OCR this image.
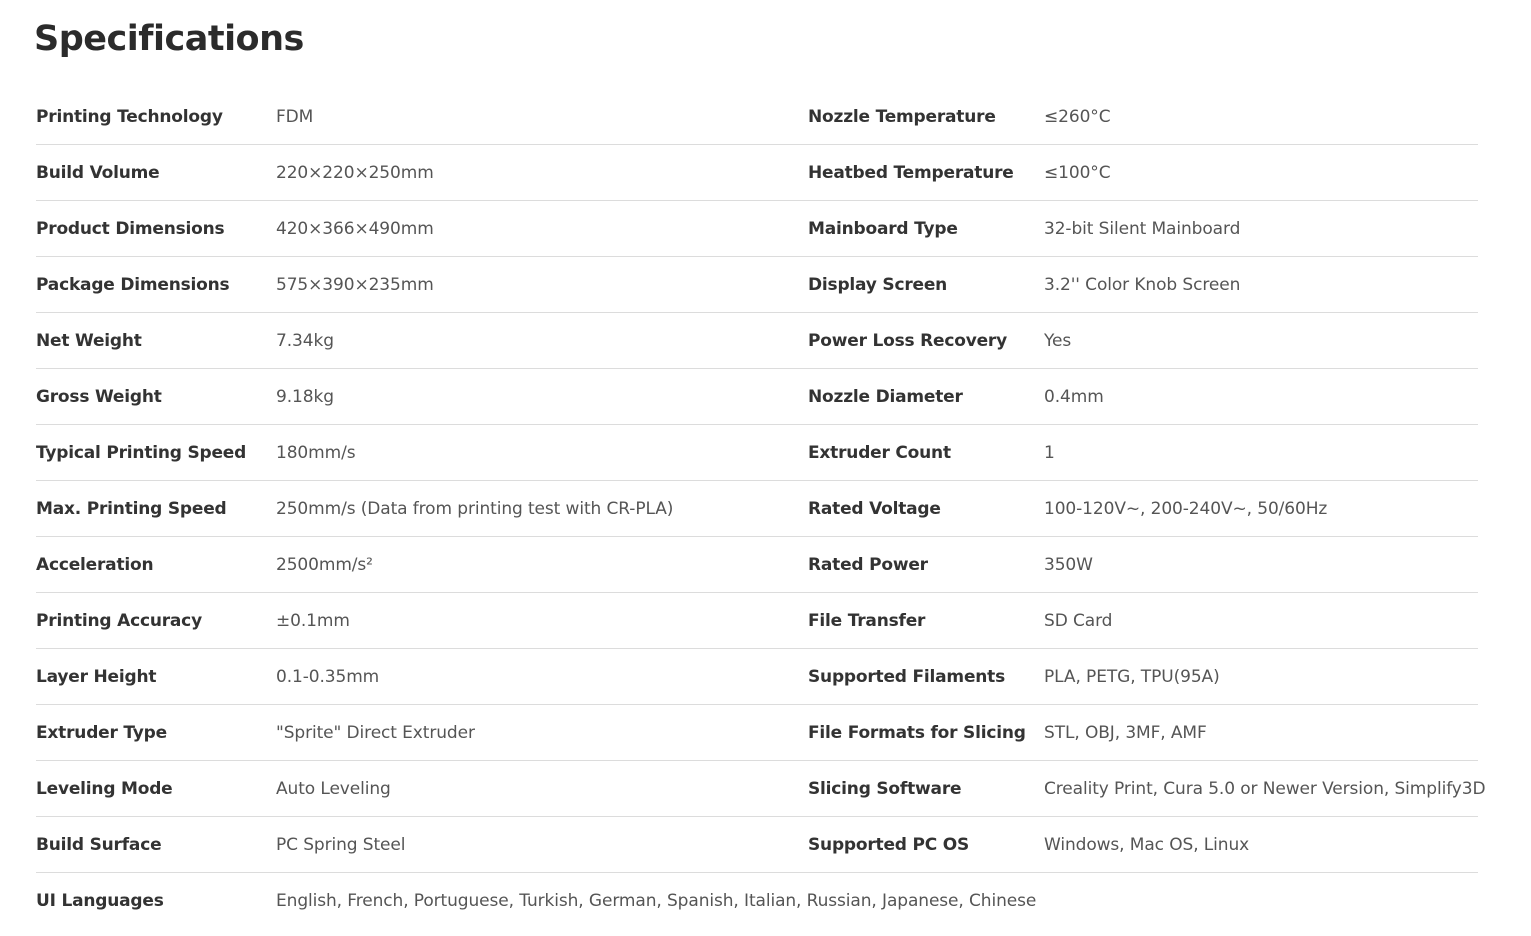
Specifications
Printing Technology	FDM	Nozzle Temperature	≤260°C
Build Volume	220×220×250mm	Heatbed Temperature ≤100°C
Product Dimensions	420×366×490mm	Mainboard Type	32-bit Silent Mainboard
Package Dimensions	575×390×235mm	Display Screen	3.2'' Color Knob Screen
Net Weight	7.34kg	Power Loss Recovery Yes
Gross Weight	9.18kg	Nozzle Diameter	0.4mm
Typical Printing Speed 180mm/s	Extruder Count	1
Max. Printing Speed	250mm/s (Data from printing test with CR-PLA)	Rated Voltage	100-120V~, 200-240V~, 50/60Hz
Acceleration	2500mm/s²	Rated Power	350W
Printing Accuracy	±0.1mm	File Transfer	SD Card
Layer Height	0.1-0.35mm	Supported Filaments PLA, PETG, TPU(95A)
Extruder Type	"Sprite" Direct Extruder	File Formats for Slicing STL, OBJ, 3MF, AMF
Leveling Mode	Auto Leveling	Slicing Software	Creality Print, Cura 5.0 or Newer Version, Simplify3D
Build Surface	PC Spring Steel	Supported PC OS	Windows, Mac OS, Linux
UI Languages	English, French, Portuguese, Turkish, German, Spanish, Italian, Russian, Japanese, Chinese
